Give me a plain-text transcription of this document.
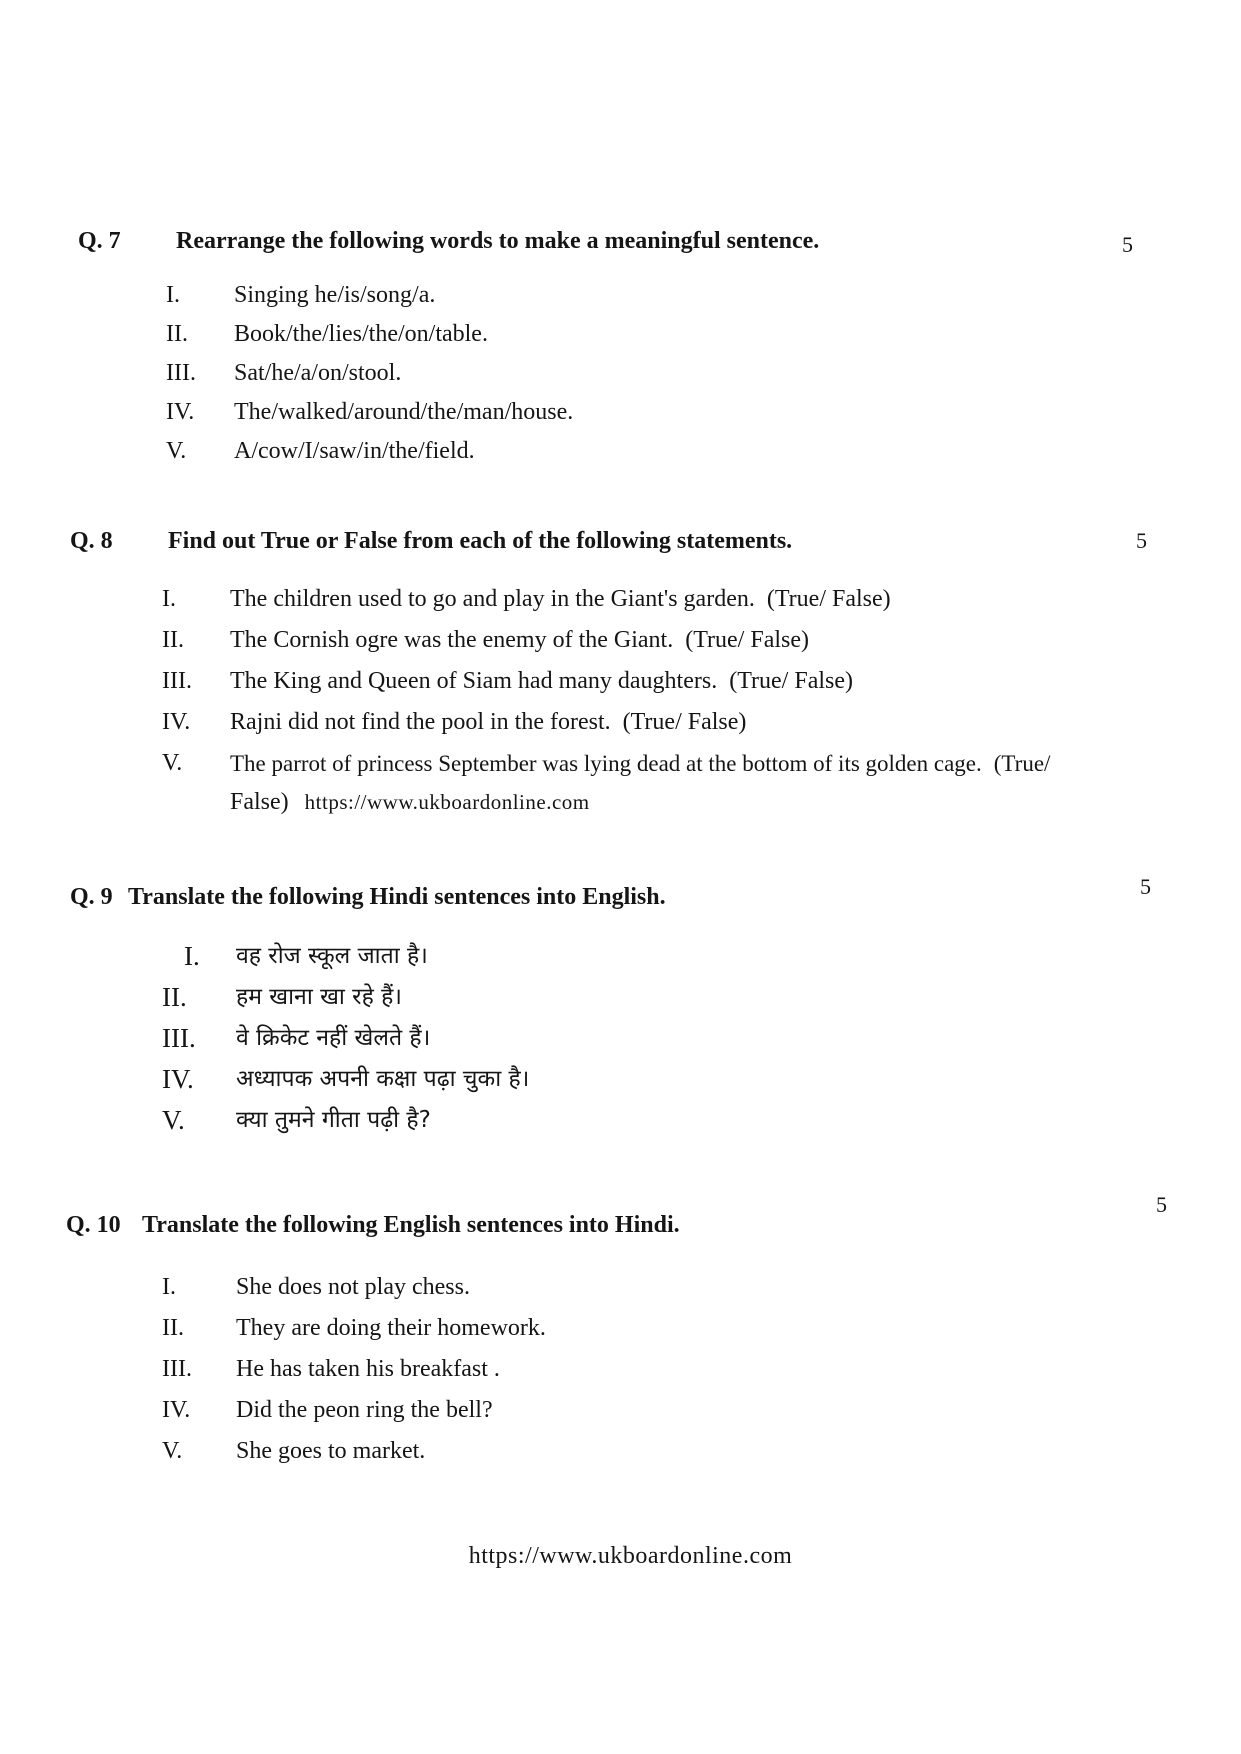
Q. 7 Rearrange the following words to make a meaningful sentence.	5
I.	Singing he/is/song/a.
II.	Book/the/lies/the/on/table.
III.	Sat/he/a/on/stool.
IV.	The/walked/around/the/man/house.
V.	A/cow/I/saw/in/the/field.
Q. 8 Find out True or False from each of the following statements.	5
I.	The children used to go and play in the Giant's garden. (True/ False)
II.	The Cornish ogre was the enemy of the Giant. (True/ False)
III.	The King and Queen of Siam had many daughters. (True/ False)
IV.	Rajni did not find the pool in the forest. (True/ False)
V.	The parrot of princess September was lying dead at the bottom of its golden cage. (True/
False) https://www.ukboardonline.com
Q. 9 Translate the following Hindi sentences into English.	5
I.	वह रोज स्कूल जाता है।
II.	हम खाना खा रहे हैं।
III.	वे क्रिकेट नहीं खेलते हैं।
IV.	अध्यापक अपनी कक्षा पढ़ा चुका है।
V.	क्या तुमने गीता पढ़ी है?
Q. 10 Translate the following English sentences into Hindi.
5
I.	She does not play chess.
II.	They are doing their homework.
III.	He has taken his breakfast .
IV.	Did the peon ring the bell?
V.	She goes to market.
https://www.ukboardonline.com
